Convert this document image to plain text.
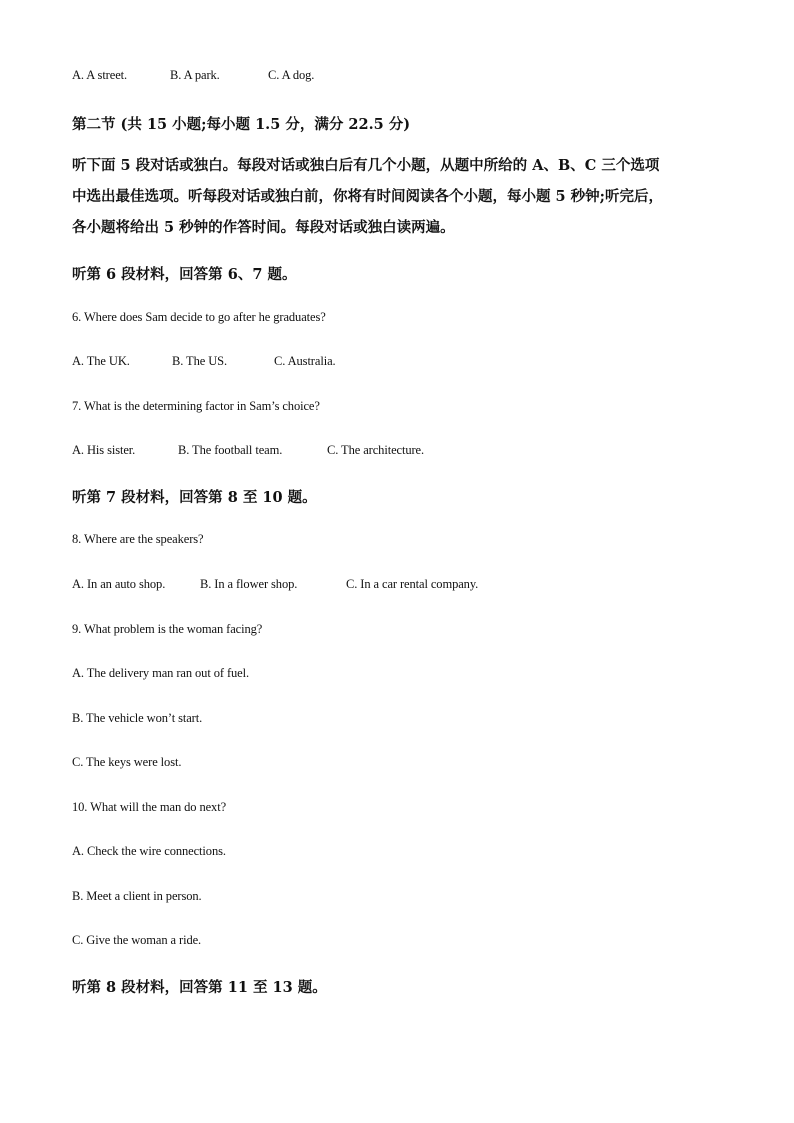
A. A street.	B. A park.	C. A dog.
第二节 (共 15 小题;每小题 1.5 分，满分 22.5 分)
听下面 5 段对话或独白。每段对话或独白后有几个小题，从题中所给的 A、B、C 三个选项
中选出最佳选项。听每段对话或独白前，你将有时间阅读各个小题，每小题 5 秒钟;听完后，
各小题将给出 5 秒钟的作答时间。每段对话或独白读两遍。
听第 6 段材料，回答第 6、7 题。
6. Where does Sam decide to go after he graduates?
A. The UK.	B. The US.	C. Australia.
7. What is the determining factor in Sam’s choice?
A. His sister.	B. The football team.	C. The architecture.
听第 7 段材料，回答第 8 至 10 题。
8. Where are the speakers?
A. In an auto shop.	B. In a flower shop.	C. In a car rental company.
9. What problem is the woman facing?
A. The delivery man ran out of fuel.
B. The vehicle won’t start.
C. The keys were lost.
10. What will the man do next?
A. Check the wire connections.
B. Meet a client in person.
C. Give the woman a ride.
听第 8 段材料，回答第 11 至 13 题。
